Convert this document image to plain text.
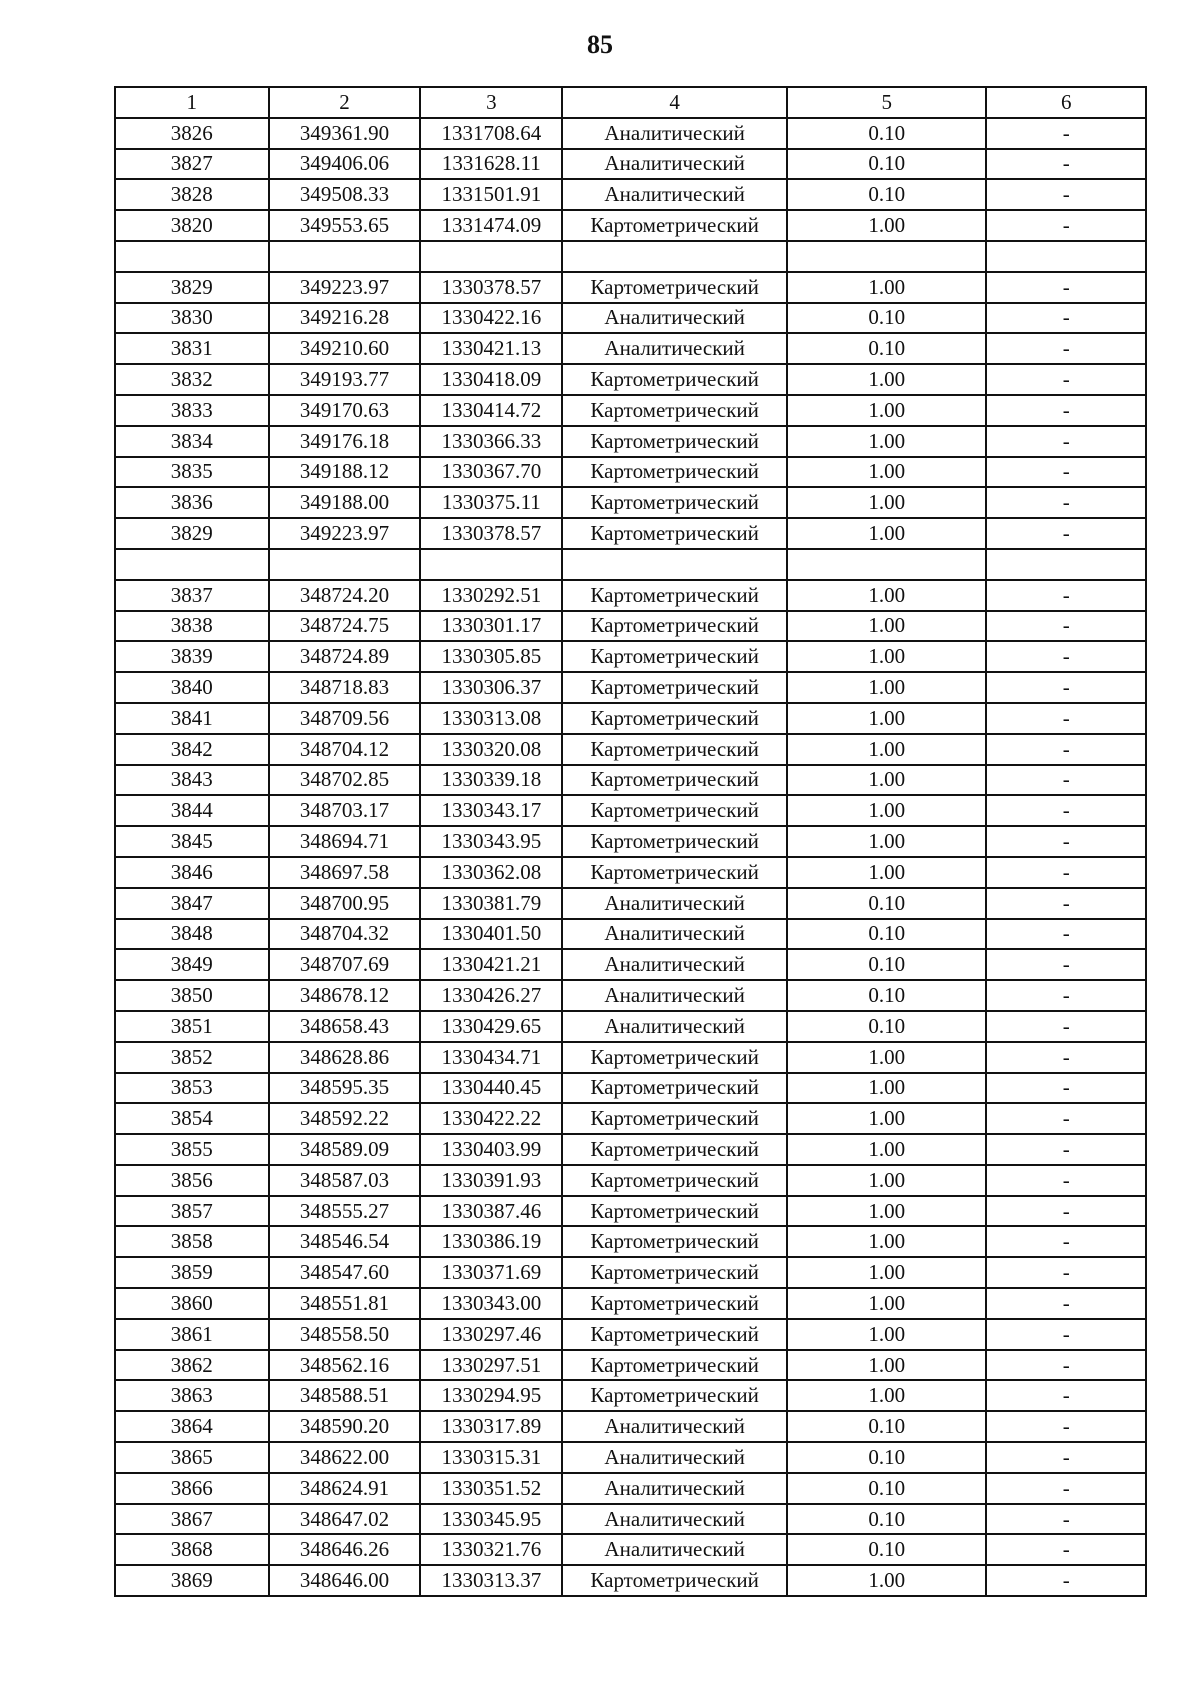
85
1	2	3	4	5	6
3826	349361.90	1331708.64	Аналитический	0.10	-
3827	349406.06	1331628.11	Аналитический	0.10	-
3828	349508.33	1331501.91	Аналитический	0.10	-
3820	349553.65	1331474.09	Картометрический	1.00	-

3829	349223.97	1330378.57	Картометрический	1.00	-
3830	349216.28	1330422.16	Аналитический	0.10	-
3831	349210.60	1330421.13	Аналитический	0.10	-
3832	349193.77	1330418.09	Картометрический	1.00	-
3833	349170.63	1330414.72	Картометрический	1.00	-
3834	349176.18	1330366.33	Картометрический	1.00	-
3835	349188.12	1330367.70	Картометрический	1.00	-
3836	349188.00	1330375.11	Картометрический	1.00	-
3829	349223.97	1330378.57	Картометрический	1.00	-

3837	348724.20	1330292.51	Картометрический	1.00	-
3838	348724.75	1330301.17	Картометрический	1.00	-
3839	348724.89	1330305.85	Картометрический	1.00	-
3840	348718.83	1330306.37	Картометрический	1.00	-
3841	348709.56	1330313.08	Картометрический	1.00	-
3842	348704.12	1330320.08	Картометрический	1.00	-
3843	348702.85	1330339.18	Картометрический	1.00	-
3844	348703.17	1330343.17	Картометрический	1.00	-
3845	348694.71	1330343.95	Картометрический	1.00	-
3846	348697.58	1330362.08	Картометрический	1.00	-
3847	348700.95	1330381.79	Аналитический	0.10	-
3848	348704.32	1330401.50	Аналитический	0.10	-
3849	348707.69	1330421.21	Аналитический	0.10	-
3850	348678.12	1330426.27	Аналитический	0.10	-
3851	348658.43	1330429.65	Аналитический	0.10	-
3852	348628.86	1330434.71	Картометрический	1.00	-
3853	348595.35	1330440.45	Картометрический	1.00	-
3854	348592.22	1330422.22	Картометрический	1.00	-
3855	348589.09	1330403.99	Картометрический	1.00	-
3856	348587.03	1330391.93	Картометрический	1.00	-
3857	348555.27	1330387.46	Картометрический	1.00	-
3858	348546.54	1330386.19	Картометрический	1.00	-
3859	348547.60	1330371.69	Картометрический	1.00	-
3860	348551.81	1330343.00	Картометрический	1.00	-
3861	348558.50	1330297.46	Картометрический	1.00	-
3862	348562.16	1330297.51	Картометрический	1.00	-
3863	348588.51	1330294.95	Картометрический	1.00	-
3864	348590.20	1330317.89	Аналитический	0.10	-
3865	348622.00	1330315.31	Аналитический	0.10	-
3866	348624.91	1330351.52	Аналитический	0.10	-
3867	348647.02	1330345.95	Аналитический	0.10	-
3868	348646.26	1330321.76	Аналитический	0.10	-
3869	348646.00	1330313.37	Картометрический	1.00	-
